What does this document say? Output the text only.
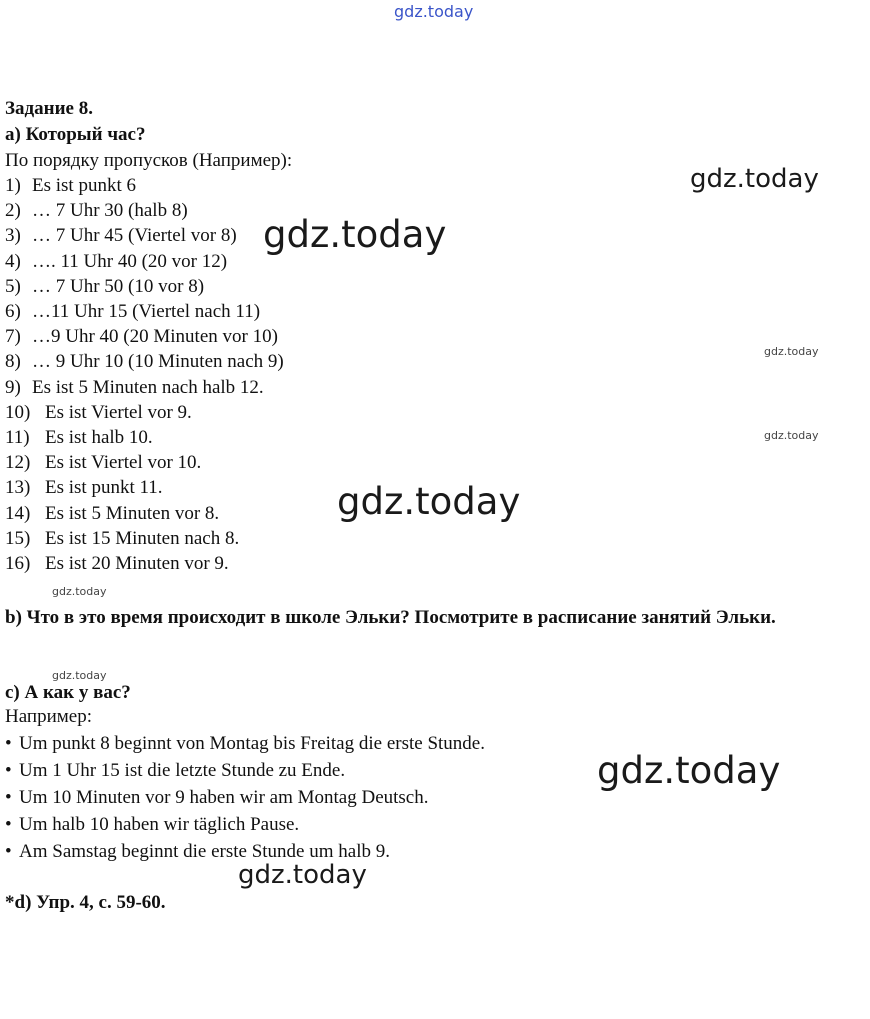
gdz.today
Задание 8.
a) Который час?
По порядку пропусков (Например):
1) Es ist punkt 6
2) … 7 Uhr 30 (halb 8)
3) … 7 Uhr 45 (Viertel vor 8)
4) …. 11 Uhr 40 (20 vor 12)
5) … 7 Uhr 50 (10 vor 8)
6) …11 Uhr 15 (Viertel nach 11)
7) …9 Uhr 40 (20 Minuten vor 10)
8) … 9 Uhr 10 (10 Minuten nach 9)
9) Es ist 5 Minuten nach halb 12.
10) Es ist Viertel vor 9.
11) Es ist halb 10.
12) Es ist Viertel vor 10.
13) Es ist punkt 11.
14) Es ist 5 Minuten vor 8.
15) Es ist 15 Minuten nach 8.
16) Es ist 20 Minuten vor 9.
b) Что в это время происходит в школе Эльки? Посмотрите в расписание занятий Эльки.
c) А как у вас?
Например:
• Um punkt 8 beginnt von Montag bis Freitag die erste Stunde.
• Um 1 Uhr 15 ist die letzte Stunde zu Ende.
• Um 10 Minuten vor 9 haben wir am Montag Deutsch.
• Um halb 10 haben wir täglich Pause.
• Am Samstag beginnt die erste Stunde um halb 9.
*d) Упр. 4, с. 59-60.
gdz.today
gdz.today
gdz.today
gdz.today
gdz.today
gdz.today
gdz.today
gdz.today
gdz.today
